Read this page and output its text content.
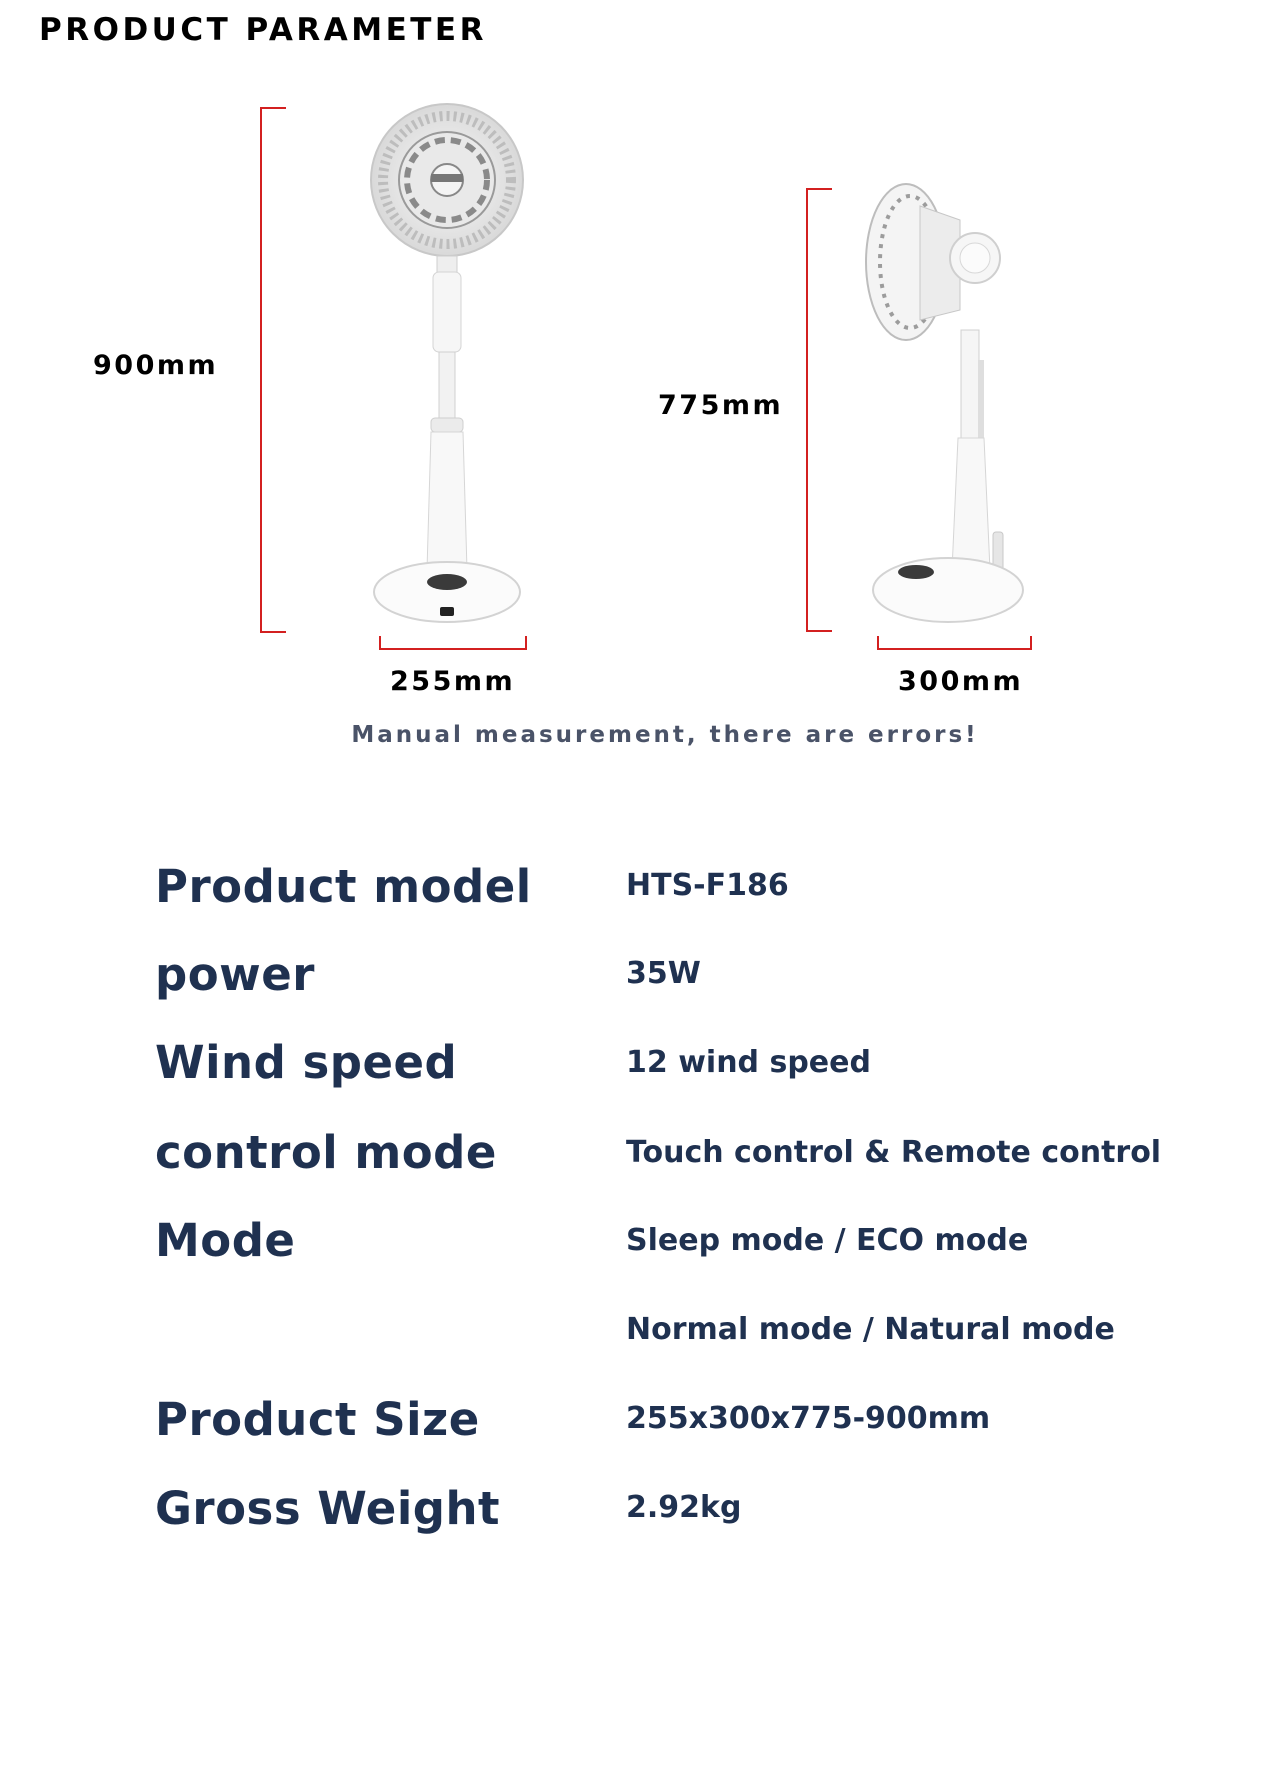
PRODUCT PARAMETER
900mm
255mm
775mm
300mm
Manual measurement, there are errors!
Product model	HTS-F186
power	35W
Wind speed	12 wind speed
control mode	Touch control & Remote control
Mode	Sleep mode / ECO mode
Normal mode / Natural mode
Product Size	255x300x775-900mm
Gross Weight	2.92kg
